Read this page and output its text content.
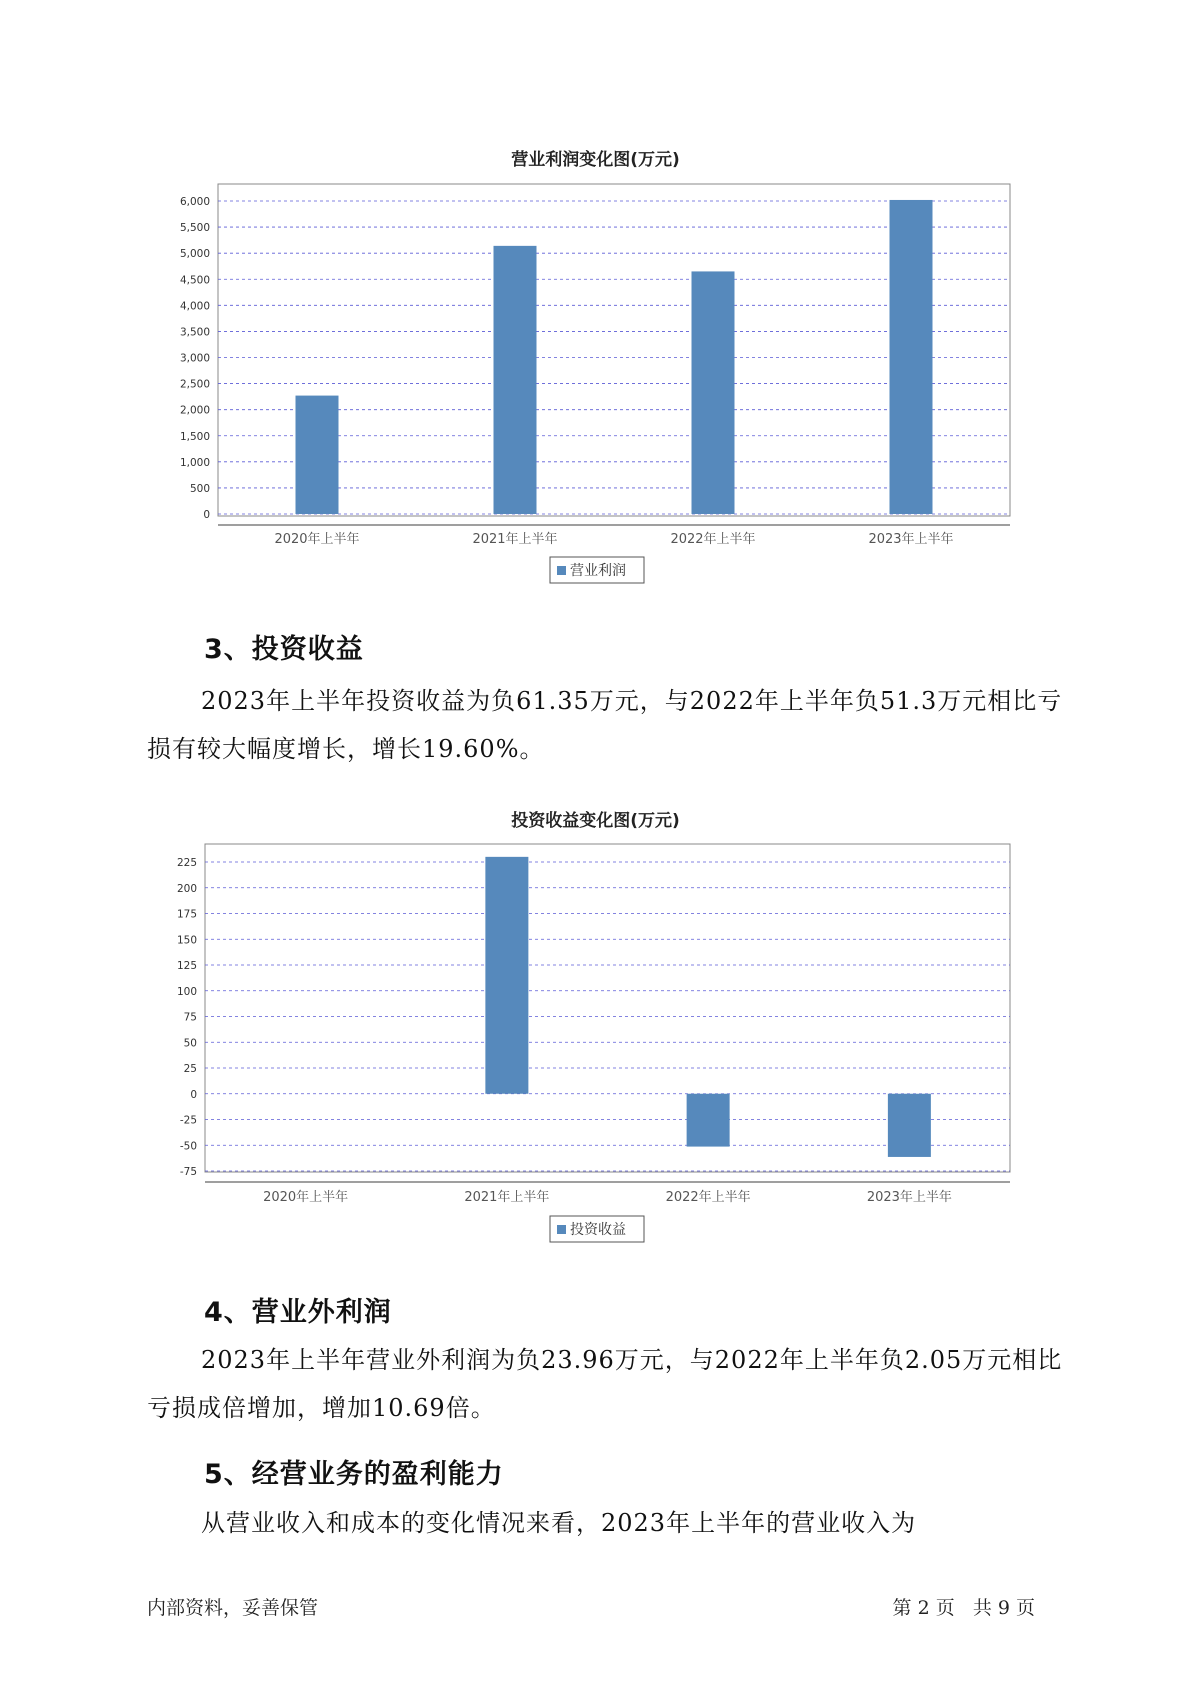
营业利润变化图(万元)
0
500
1,000
1,500
2,000
2,500
3,000
3,500
4,000
4,500
5,000
5,500
6,000
2020年上半年	2021年上半年	2022年上半年	2023年上半年
营业利润
3、投资收益

2023年上半年投资收益为负61.35万元，与2022年上半年负51.3万元相比亏损有较大幅度增长，增长19.60%。

投资收益变化图(万元)
-75
-50
-25
0
25
50
75
100
125
150
175
200
225
2020年上半年	2021年上半年	2022年上半年	2023年上半年
投资收益
4、营业外利润

2023年上半年营业外利润为负23.96万元，与2022年上半年负2.05万元相比亏损成倍增加，增加10.69倍。

5、经营业务的盈利能力

从营业收入和成本的变化情况来看，2023年上半年的营业收入为

内部资料，妥善保管	第 2 页   共 9 页
